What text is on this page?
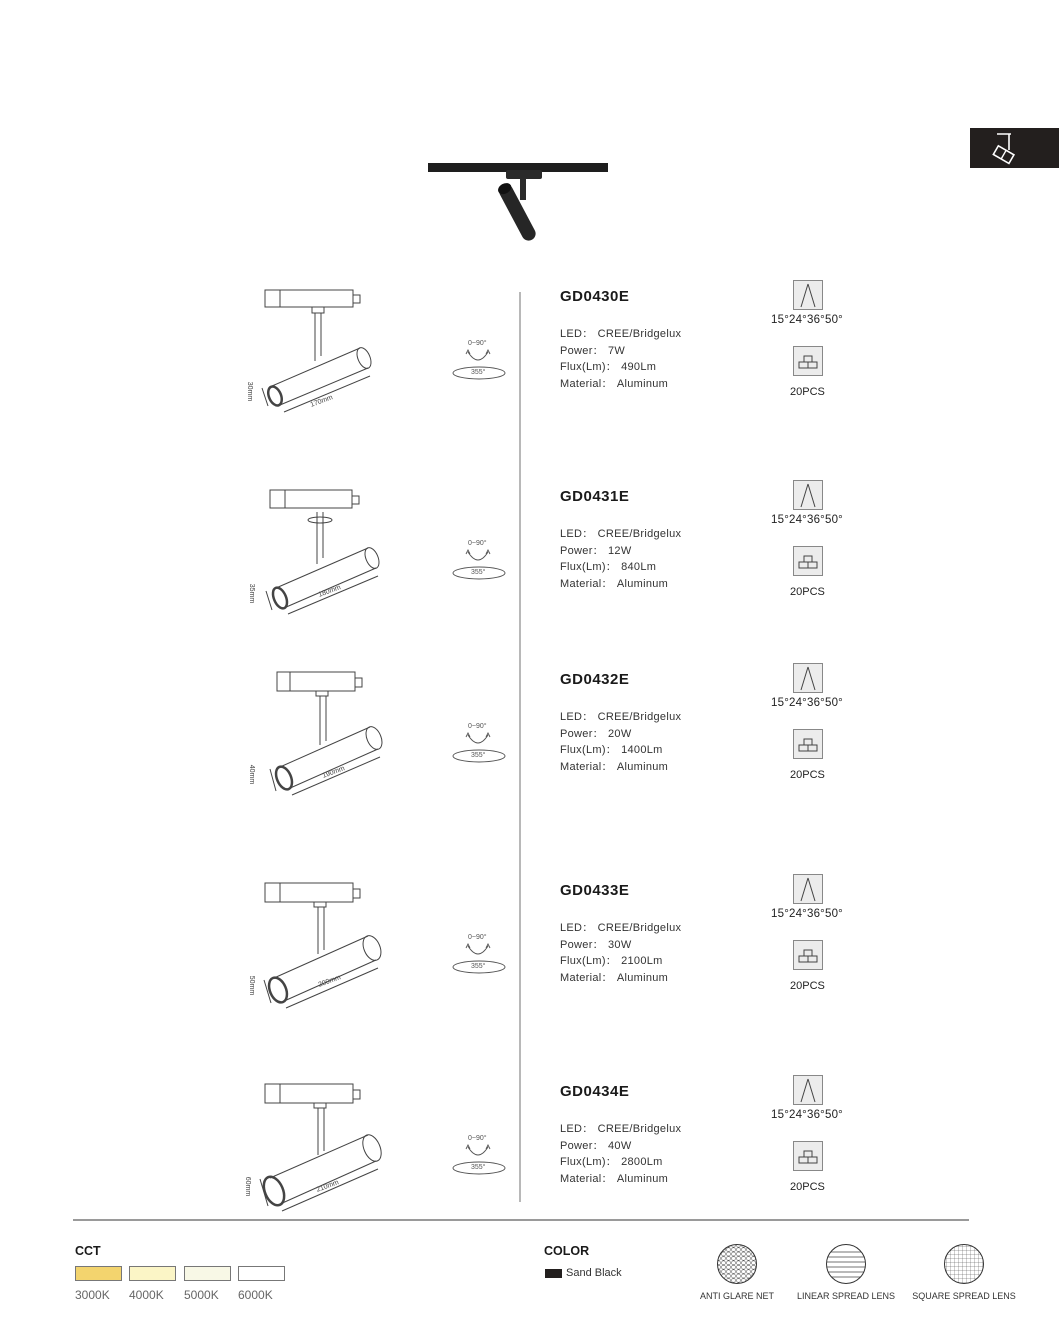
30mm
170mm
0~90°
355°
GD0430E
LED： CREE/Bridgelux
Power： 7W
Flux(Lm)： 490Lm
Material： Aluminum
15°24°36°50°
20PCS
35mm	180mm
0~90°
355°
GD0431E
LED： CREE/Bridgelux
Power： 12W
Flux(Lm)： 840Lm
Material： Aluminum
15°24°36°50°
20PCS
40mm	190mm
0~90°
355°
GD0432E
LED： CREE/Bridgelux
Power： 20W
Flux(Lm)： 1400Lm
Material： Aluminum
15°24°36°50°
20PCS
50mm	200mm
0~90°
355°
GD0433E
LED： CREE/Bridgelux
Power： 30W
Flux(Lm)： 2100Lm
Material： Aluminum
15°24°36°50°
20PCS
60mm	210mm
0~90°
355°
GD0434E
LED： CREE/Bridgelux
Power： 40W
Flux(Lm)： 2800Lm
Material： Aluminum
15°24°36°50°
20PCS
CCT
3000K 4000K 5000K 6000K
COLOR
Sand Black
ANTI GLARE NET	LINEAR SPREAD LENS	SQUARE SPREAD LENS
